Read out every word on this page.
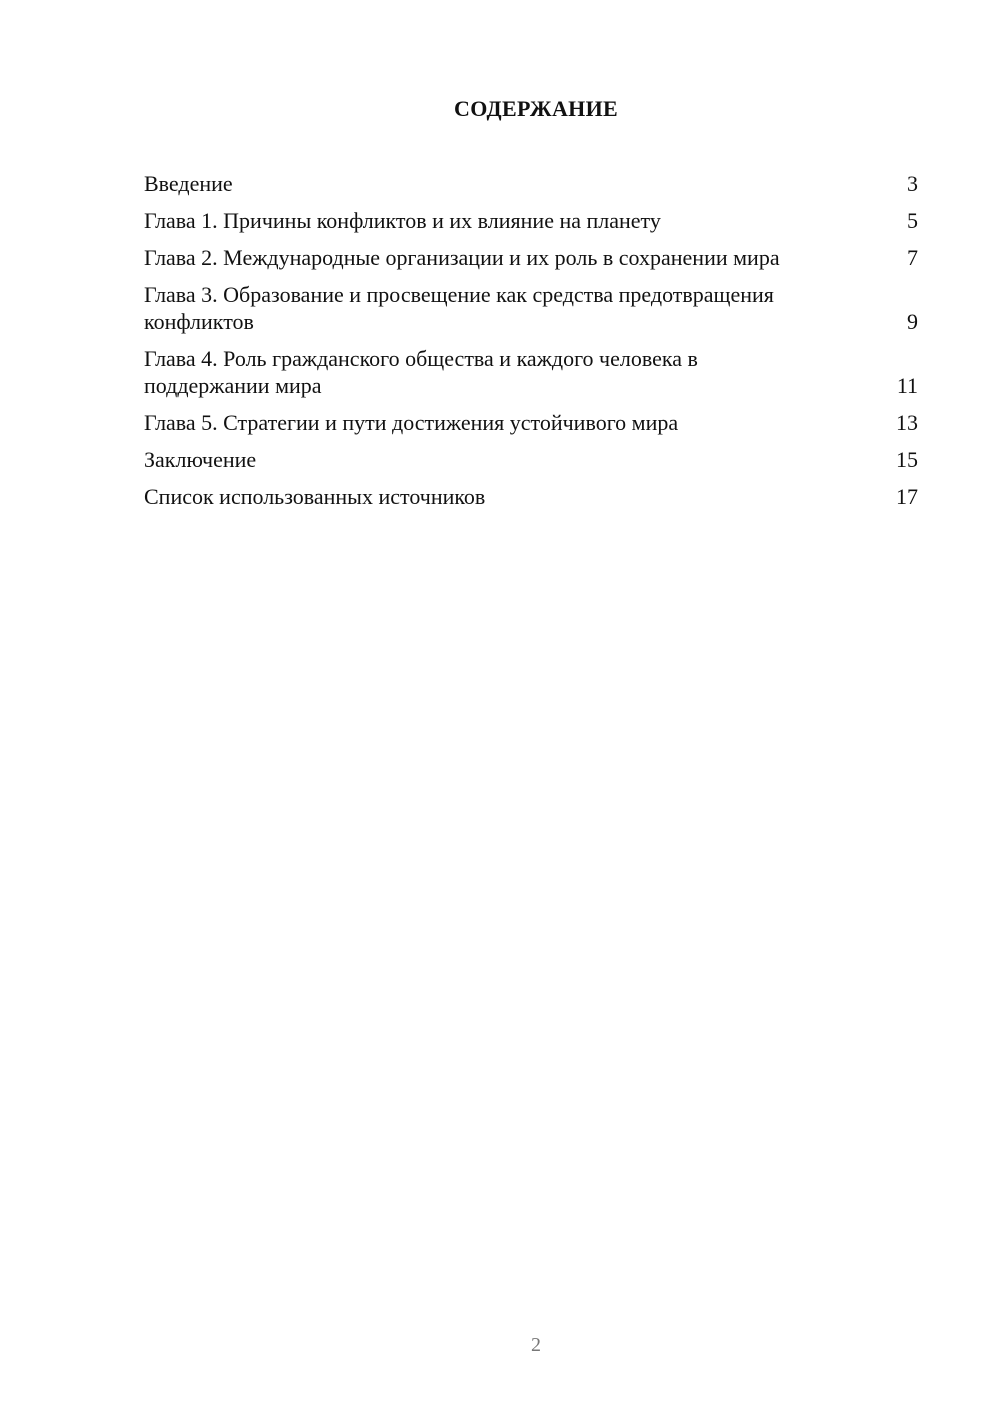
СОДЕРЖАНИЕ
Введение	3
Глава 1. Причины конфликтов и их влияние на планету	5
Глава 2. Международные организации и их роль в сохранении мира	7
Глава 3. Образование и просвещение как средства предотвращения конфликтов	9
Глава 4. Роль гражданского общества и каждого человека в поддержании мира	11
Глава 5. Стратегии и пути достижения устойчивого мира	13
Заключение	15
Список использованных источников	17
2
